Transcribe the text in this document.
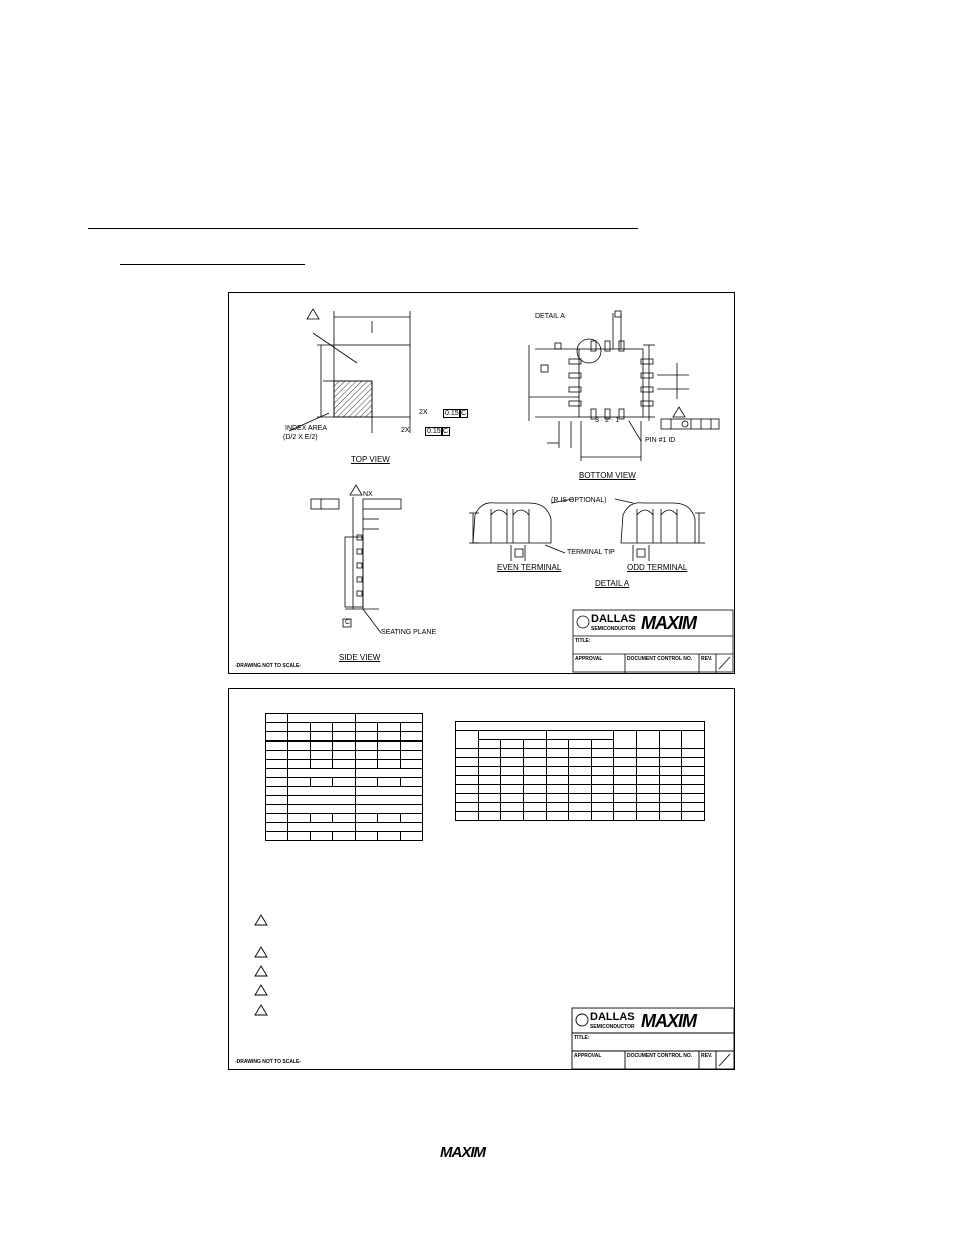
DETAIL A
2X 0.15 C
2X 0.15 C
INDEX AREA
(D/2 X E/2)
TOP VIEW
3 · 2 · 1
PIN #1 ID
BOTTOM VIEW
NX
(R IS OPTIONAL)
TERMINAL TIP
EVEN TERMINAL	ODD TERMINAL
DETAIL A
C
SEATING PLANE
SIDE VIEW
-DRAWING NOT TO SCALE-
DALLAS
SEMICONDUCTOR MAXIM
TITLE:
APPROVAL	DOCUMENT CONTROL NO. REV.

-DRAWING NOT TO SCALE-
DALLAS
SEMICONDUCTOR MAXIM
TITLE:
APPROVAL	DOCUMENT CONTROL NO. REV.
MAXIM
